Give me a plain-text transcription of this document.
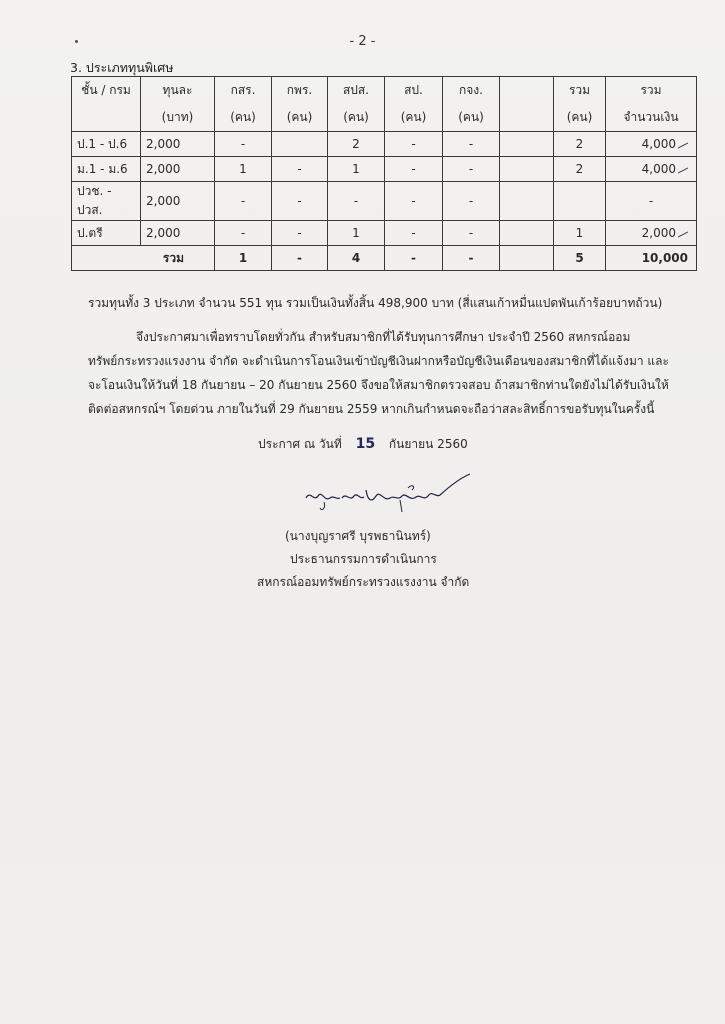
- 2 -
3. ประเภททุนพิเศษ
ชั้น / กรม	ทุนละ	กสร.	กพร.	สปส.	สป.	กจง.		รวม	รวม
	(บาท)	(คน)	(คน)	(คน)	(คน)	(คน)		(คน)	จำนวนเงิน
ป.1 - ป.6	2,000	-		2	-	-		2	4,000

ม.1 - ม.6	2,000	1	-	1	-	-		2	4,000

ปวช. - ปวส.	2,000	-	-	-	-	-			-
ป.ตรี	2,000	-	-	1	-	-		1	2,000

รวม		1	-	4	-	-		5	10,000
รวมทุนทั้ง 3 ประเภท จำนวน 551 ทุน รวมเป็นเงินทั้งสิ้น 498,900 บาท (สี่แสนเก้าหมื่นแปดพันเก้าร้อยบาทถ้วน)
จึงประกาศมาเพื่อทราบโดยทั่วกัน สำหรับสมาชิกที่ได้รับทุนการศึกษา ประจำปี 2560 สหกรณ์ออม
ทรัพย์กระทรวงแรงงาน จำกัด จะดำเนินการโอนเงินเข้าบัญชีเงินฝากหรือบัญชีเงินเดือนของสมาชิกที่ได้แจ้งมา และ
จะโอนเงินให้วันที่ 18 กันยายน – 20 กันยายน 2560 จึงขอให้สมาชิกตรวจสอบ ถ้าสมาชิกท่านใดยังไม่ได้รับเงินให้
ติดต่อสหกรณ์ฯ โดยด่วน ภายในวันที่ 29 กันยายน 2559 หากเกินกำหนดจะถือว่าสละสิทธิ์การขอรับทุนในครั้งนี้
ประกาศ ณ วันที่ 15 กันยายน 2560
(นางบุญราศรี บุรพธานินทร์)
ประธานกรรมการดำเนินการ
สหกรณ์ออมทรัพย์กระทรวงแรงงาน จำกัด
